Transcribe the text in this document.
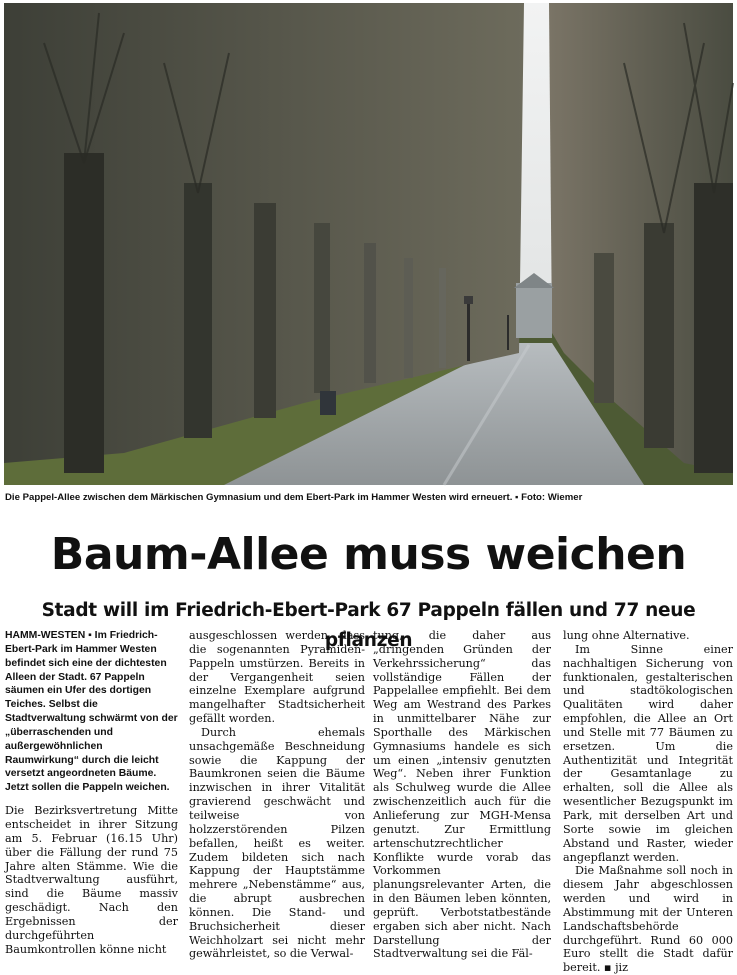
Die Pappel-Allee zwischen dem Märkischen Gymnasium und dem Ebert-Park im Hammer Westen wird erneuert. ▪ Foto: Wiemer
Baum-Allee muss weichen
Stadt will im Friedrich-Ebert-Park 67 Pappeln fällen und 77 neue pflanzen

HAMM-WESTEN ▪ Im Friedrich-Ebert-Park im Hammer Westen befindet sich eine der dichtesten Alleen der Stadt. 67 Pappeln säumen ein Ufer des dortigen Teiches. Selbst die Stadtverwaltung schwärmt von der „überraschenden und außergewöhnlichen Raumwirkung“ durch die leicht versetzt angeordneten Bäume. Jetzt sollen die Pappeln weichen.

Die Bezirksvertretung Mitte entscheidet in ihrer Sitzung am 5. Februar (16.15 Uhr) über die Fällung der rund 75 Jahre alten Stämme. Wie die Stadtverwaltung ausführt, sind die Bäume massiv geschädigt. Nach den Ergebnissen der durchgeführten Baumkontrollen könne nicht

ausgeschlossen werden, dass die sogenannten Pyramiden-Pappeln umstürzen. Bereits in der Vergangenheit seien einzelne Exemplare aufgrund mangelhafter Stadtsicherheit gefällt worden.

Durch ehemals unsachgemäße Beschneidung sowie die Kappung der Baumkronen seien die Bäume inzwischen in ihrer Vitalität gravierend geschwächt und teilweise von holzzerstörenden Pilzen befallen, heißt es weiter. Zudem bildeten sich nach Kappung der Hauptstämme mehrere „Nebenstämme“ aus, die abrupt ausbrechen können. Die Stand- und Bruchsicherheit dieser Weichholzart sei nicht mehr gewährleistet, so die Verwal-

tung, die daher aus „dringenden Gründen der Verkehrssicherung“ das vollständige Fällen der Pappelallee empfiehlt. Bei dem Weg am Westrand des Parkes in unmittelbarer Nähe zur Sporthalle des Märkischen Gymnasiums handele es sich um einen „intensiv genutzten Weg“. Neben ihrer Funktion als Schulweg wurde die Allee zwischenzeitlich auch für die Anlieferung zur MGH-Mensa genutzt. Zur Ermittlung artenschutzrechtlicher Konflikte wurde vorab das Vorkommen planungsrelevanter Arten, die in den Bäumen leben könnten, geprüft. Verbotstatbestände ergaben sich aber nicht. Nach Darstellung der Stadtverwaltung sei die Fäl-

lung ohne Alternative.

Im Sinne einer nachhaltigen Sicherung von funktionalen, gestalterischen und stadtökologischen Qualitäten wird daher empfohlen, die Allee an Ort und Stelle mit 77 Bäumen zu ersetzen. Um die Authentizität und Integrität der Gesamtanlage zu erhalten, soll die Allee als wesentlicher Bezugspunkt im Park, mit derselben Art und Sorte sowie im gleichen Abstand und Raster, wieder angepflanzt werden.

Die Maßnahme soll noch in diesem Jahr abgeschlossen werden und wird in Abstimmung mit der Unteren Landschaftsbehörde durchgeführt. Rund 60 000 Euro stellt die Stadt dafür bereit. ▪ jiz
